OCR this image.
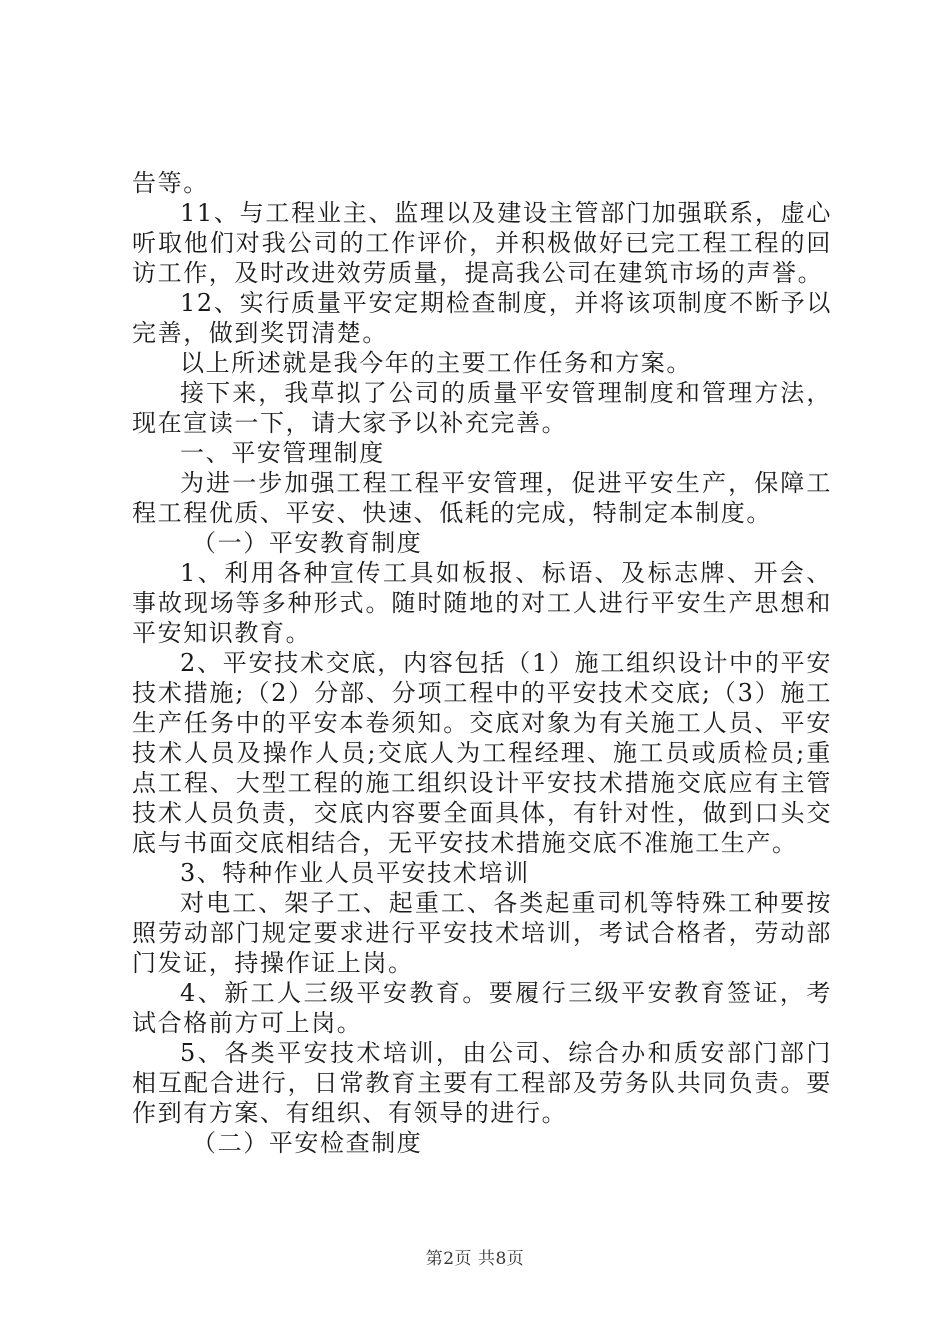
告等。

11、与工程业主、监理以及建设主管部门加强联系，虚心听取他们对我公司的工作评价，并积极做好已完工程工程的回访工作，及时改进效劳质量，提高我公司在建筑市场的声誉。

12、实行质量平安定期检查制度，并将该项制度不断予以完善，做到奖罚清楚。

以上所述就是我今年的主要工作任务和方案。

接下来，我草拟了公司的质量平安管理制度和管理方法，现在宣读一下，请大家予以补充完善。

一、平安管理制度

为进一步加强工程工程平安管理，促进平安生产，保障工程工程优质、平安、快速、低耗的完成，特制定本制度。

（一）平安教育制度

1、利用各种宣传工具如板报、标语、及标志牌、开会、事故现场等多种形式。随时随地的对工人进行平安生产思想和平安知识教育。

2、平安技术交底，内容包括（1）施工组织设计中的平安技术措施;（2）分部、分项工程中的平安技术交底;（3）施工生产任务中的平安本卷须知。交底对象为有关施工人员、平安技术人员及操作人员;交底人为工程经理、施工员或质检员;重点工程、大型工程的施工组织设计平安技术措施交底应有主管技术人员负责，交底内容要全面具体，有针对性，做到口头交底与书面交底相结合，无平安技术措施交底不准施工生产。

3、特种作业人员平安技术培训

对电工、架子工、起重工、各类起重司机等特殊工种要按照劳动部门规定要求进行平安技术培训，考试合格者，劳动部门发证，持操作证上岗。

4、新工人三级平安教育。要履行三级平安教育签证，考试合格前方可上岗。

5、各类平安技术培训，由公司、综合办和质安部门部门相互配合进行，日常教育主要有工程部及劳务队共同负责。要作到有方案、有组织、有领导的进行。

（二）平安检查制度

第2页 共8页
